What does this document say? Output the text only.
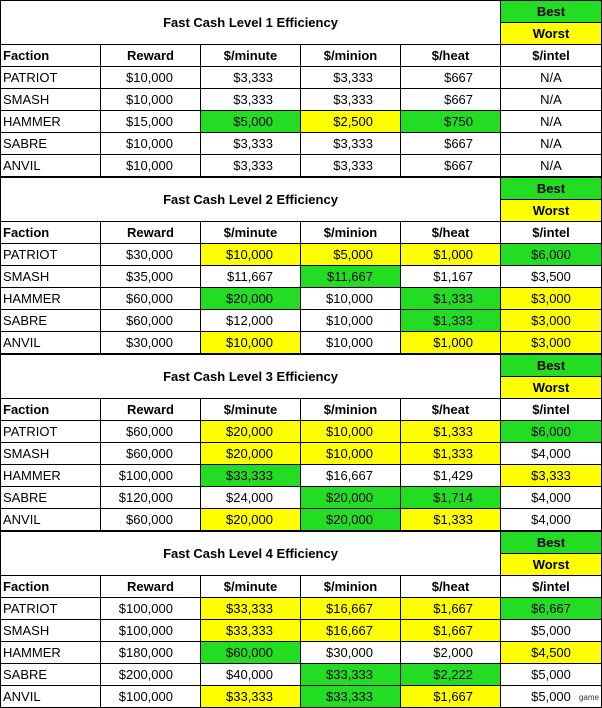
Fast Cash Level 1 Efficiency					Best
					Worst
Faction	Reward	$/minute	$/minion	$/heat	$/intel
PATRIOT	$10,000	$3,333	$3,333	$667	N/A
SMASH	$10,000	$3,333	$3,333	$667	N/A
HAMMER	$15,000	$5,000	$2,500	$750	N/A
SABRE	$10,000	$3,333	$3,333	$667	N/A
ANVIL	$10,000	$3,333	$3,333	$667	N/A
Fast Cash Level 2 Efficiency					Best
					Worst
Faction	Reward	$/minute	$/minion	$/heat	$/intel
PATRIOT	$30,000	$10,000	$5,000	$1,000	$6,000
SMASH	$35,000	$11,667	$11,667	$1,167	$3,500
HAMMER	$60,000	$20,000	$10,000	$1,333	$3,000
SABRE	$60,000	$12,000	$10,000	$1,333	$3,000
ANVIL	$30,000	$10,000	$10,000	$1,000	$3,000
Fast Cash Level 3 Efficiency					Best
					Worst
Faction	Reward	$/minute	$/minion	$/heat	$/intel
PATRIOT	$60,000	$20,000	$10,000	$1,333	$6,000
SMASH	$60,000	$20,000	$10,000	$1,333	$4,000
HAMMER	$100,000	$33,333	$16,667	$1,429	$3,333
SABRE	$120,000	$24,000	$20,000	$1,714	$4,000
ANVIL	$60,000	$20,000	$20,000	$1,333	$4,000
Fast Cash Level 4 Efficiency					Best
					Worst
Faction	Reward	$/minute	$/minion	$/heat	$/intel
PATRIOT	$100,000	$33,333	$16,667	$1,667	$6,667
SMASH	$100,000	$33,333	$16,667	$1,667	$5,000
HAMMER	$180,000	$60,000	$30,000	$2,000	$4,500
SABRE	$200,000	$40,000	$33,333	$2,222	$5,000
ANVIL	$100,000	$33,333	$33,333	$1,667	$5,000 game
